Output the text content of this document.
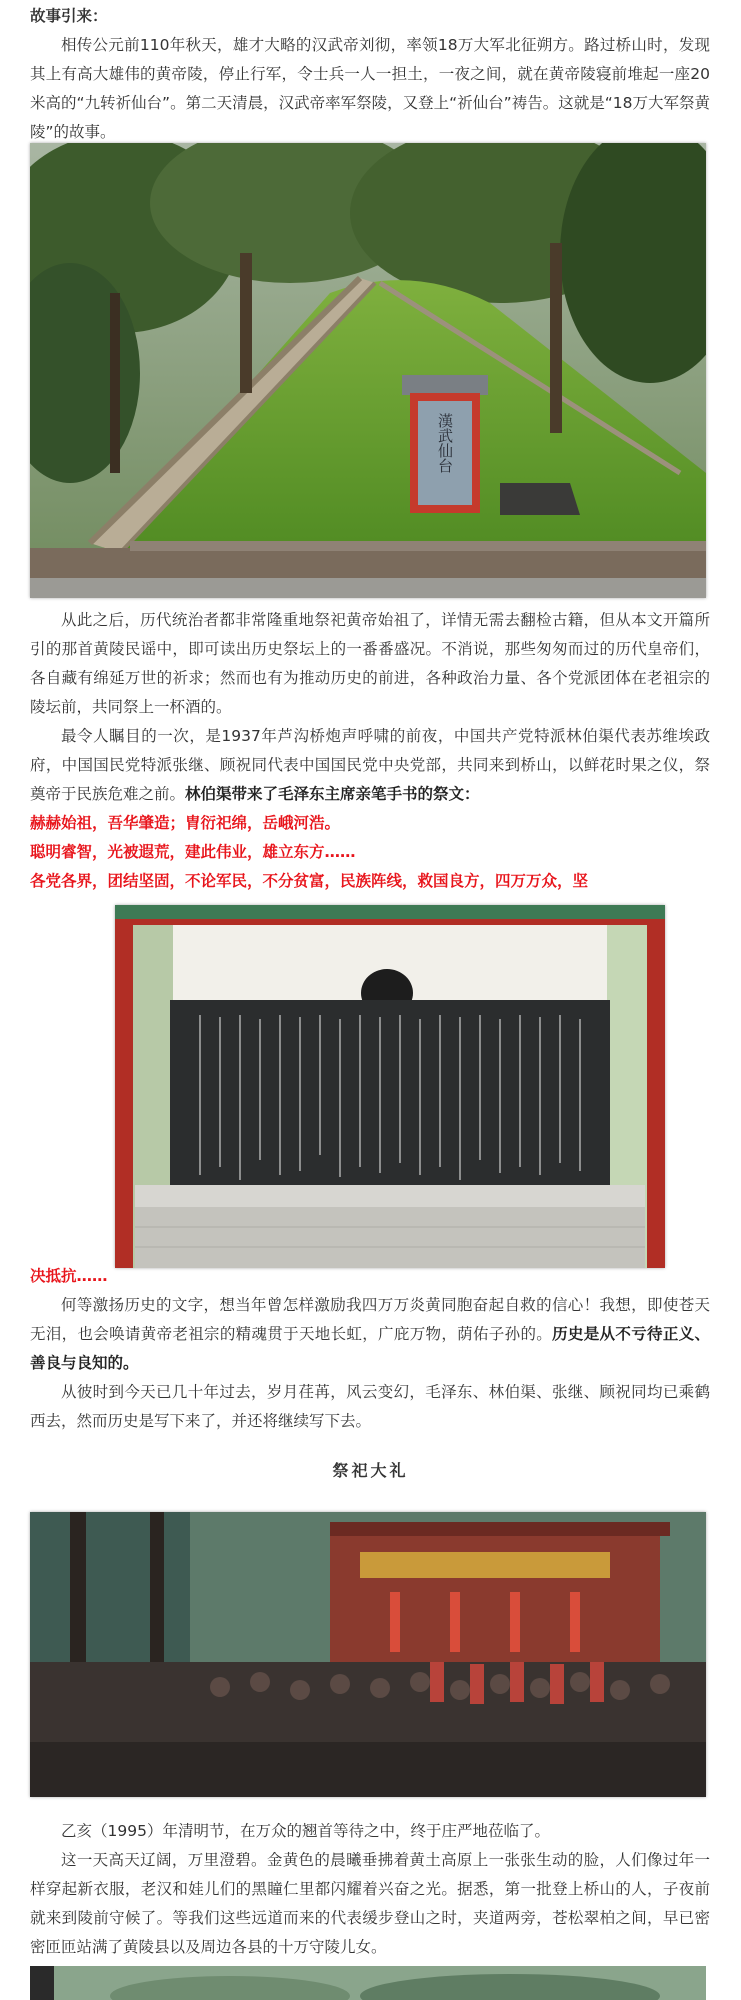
故事引来：

相传公元前110年秋天，雄才大略的汉武帝刘彻，率领18万大军北征朔方。路过桥山时，发现其上有高大雄伟的黄帝陵，停止行军，令士兵一人一担土，一夜之间，就在黄帝陵寝前堆起一座20米高的“九转祈仙台”。第二天清晨，汉武帝率军祭陵，又登上“祈仙台”祷告。这就是“18万大军祭黄陵”的故事。

漢武仙台

从此之后，历代统治者都非常隆重地祭祀黄帝始祖了，详情无需去翻检古籍，但从本文开篇所引的那首黄陵民谣中，即可读出历史祭坛上的一番番盛况。不消说，那些匆匆而过的历代皇帝们，各自藏有绵延万世的祈求；然而也有为推动历史的前进，各种政治力量、各个党派团体在老祖宗的陵坛前，共同祭上一杯酒的。

最令人瞩目的一次，是1937年芦沟桥炮声呼啸的前夜，中国共产党特派林伯渠代表苏维埃政府，中国国民党特派张继、顾祝同代表中国国民党中央党部，共同来到桥山，以鲜花时果之仪，祭奠帝于民族危难之前。林伯渠带来了毛泽东主席亲笔手书的祭文：

赫赫始祖，吾华肇造；胄衍祀绵，岳峨河浩。

聪明睿智，光被遐荒，建此伟业，雄立东方……

各党各界，团结坚固，不论军民，不分贫富，民族阵线，救国良方，四万万众，坚

决抵抗……

何等激扬历史的文字，想当年曾怎样激励我四万万炎黄同胞奋起自救的信心！我想，即使苍天无泪，也会唤请黄帝老祖宗的精魂贯于天地长虹，广庇万物，荫佑子孙的。历史是从不亏待正义、善良与良知的。

从彼时到今天已几十年过去，岁月荏苒，风云变幻，毛泽东、林伯渠、张继、顾祝同均已乘鹤西去，然而历史是写下来了，并还将继续写下去。

祭祀大礼

乙亥（1995）年清明节，在万众的翘首等待之中，终于庄严地莅临了。

这一天高天辽阔，万里澄碧。金黄色的晨曦垂拂着黄土高原上一张张生动的脸，人们像过年一样穿起新衣服，老汉和娃儿们的黑瞳仁里都闪耀着兴奋之光。据悉，第一批登上桥山的人，子夜前就来到陵前守候了。等我们这些远道而来的代表缓步登山之时，夹道两旁，苍松翠柏之间，早已密密匝匝站满了黄陵县以及周边各县的十万守陵儿女。
